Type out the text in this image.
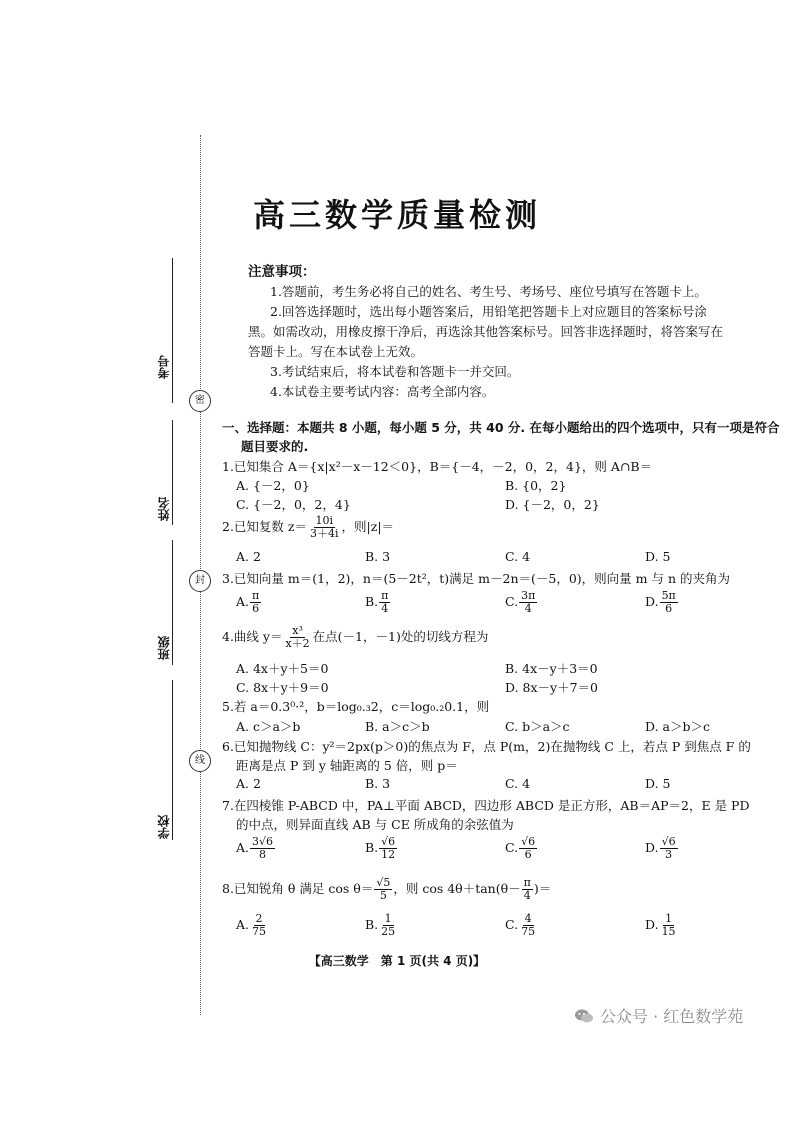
密
封
线
考号
姓名
班级
学校
高三数学质量检测
注意事项：
1.答题前，考生务必将自己的姓名、考生号、考场号、座位号填写在答题卡上。
2.回答选择题时，选出每小题答案后，用铅笔把答题卡上对应题目的答案标号涂
黑。如需改动，用橡皮擦干净后，再选涂其他答案标号。回答非选择题时，将答案写在
答题卡上。写在本试卷上无效。
3.考试结束后，将本试卷和答题卡一并交回。
4.本试卷主要考试内容：高考全部内容。
一、选择题：本题共 8 小题，每小题 5 分，共 40 分. 在每小题给出的四个选项中，只有一项是符合
题目要求的.
1.已知集合 A＝{x|x²－x－12＜0}，B＝{－4，－2，0，2，4}，则 A∩B＝
A. {－2，0}	B. {0，2}
C. {－2，0，2，4}	D. {－2，0，2}
2.已知复数 $z= \frac{10i}{3+4i}$ ，则|z|＝
A. 2	B. 3	C. 4	D. 5
3.已知向量 m＝(1，2)，n＝(5－2t²，t)满足 m－2n＝(－5，0)，则向量 m 与 n 的夹角为
A. $\frac{\pi}{6}$	B. $\frac{\pi}{4}$	C. $\frac{3\pi}{4}$	D. $\frac{5\pi}{6}$
4.曲线 $y= \frac{\text{x³}}{x+2}$ 在点(－1，－1)处的切线方程为
A. 4x＋y＋5＝0	B. 4x－y＋3＝0
C. 8x＋y＋9＝0	D. 8x－y＋7＝0
5.若 a＝0.3⁰·²，b＝log₀.₃2，c＝log₀.₂0.1，则
A. c＞a＞b	B. a＞c＞b	C. b＞a＞c	D. a＞b＞c
6.已知抛物线 C：y²＝2px(p＞0)的焦点为 F，点 P(m，2)在抛物线 C 上，若点 P 到焦点 F 的
距离是点 P 到 y 轴距离的 5 倍，则 p＝
A. 2	B. 3	C. 4	D. 5
7.在四棱锥 P-ABCD 中，PA⊥平面 ABCD，四边形 ABCD 是正方形，AB＝AP＝2，E 是 PD
的中点，则异面直线 AB 与 CE 所成角的余弦值为
A. $\frac{3√6}{8}$	B. $\frac{√6}{12}$	C. $\frac{√6}{6}$	D. $\frac{√6}{3}$
8.已知锐角 θ 满足 $\cos \theta= \frac{√5}{5}$ ，则 $\cos 4\theta+\tan(\theta- \frac{\pi}{4}$ )＝
A. $\frac{2}{75}$	B. $\frac{1}{25}$	C. $\frac{4}{75}$	D. $\frac{1}{15}$
【高三数学　第 1 页(共 4 页)】
公众号 · 红色数学苑
